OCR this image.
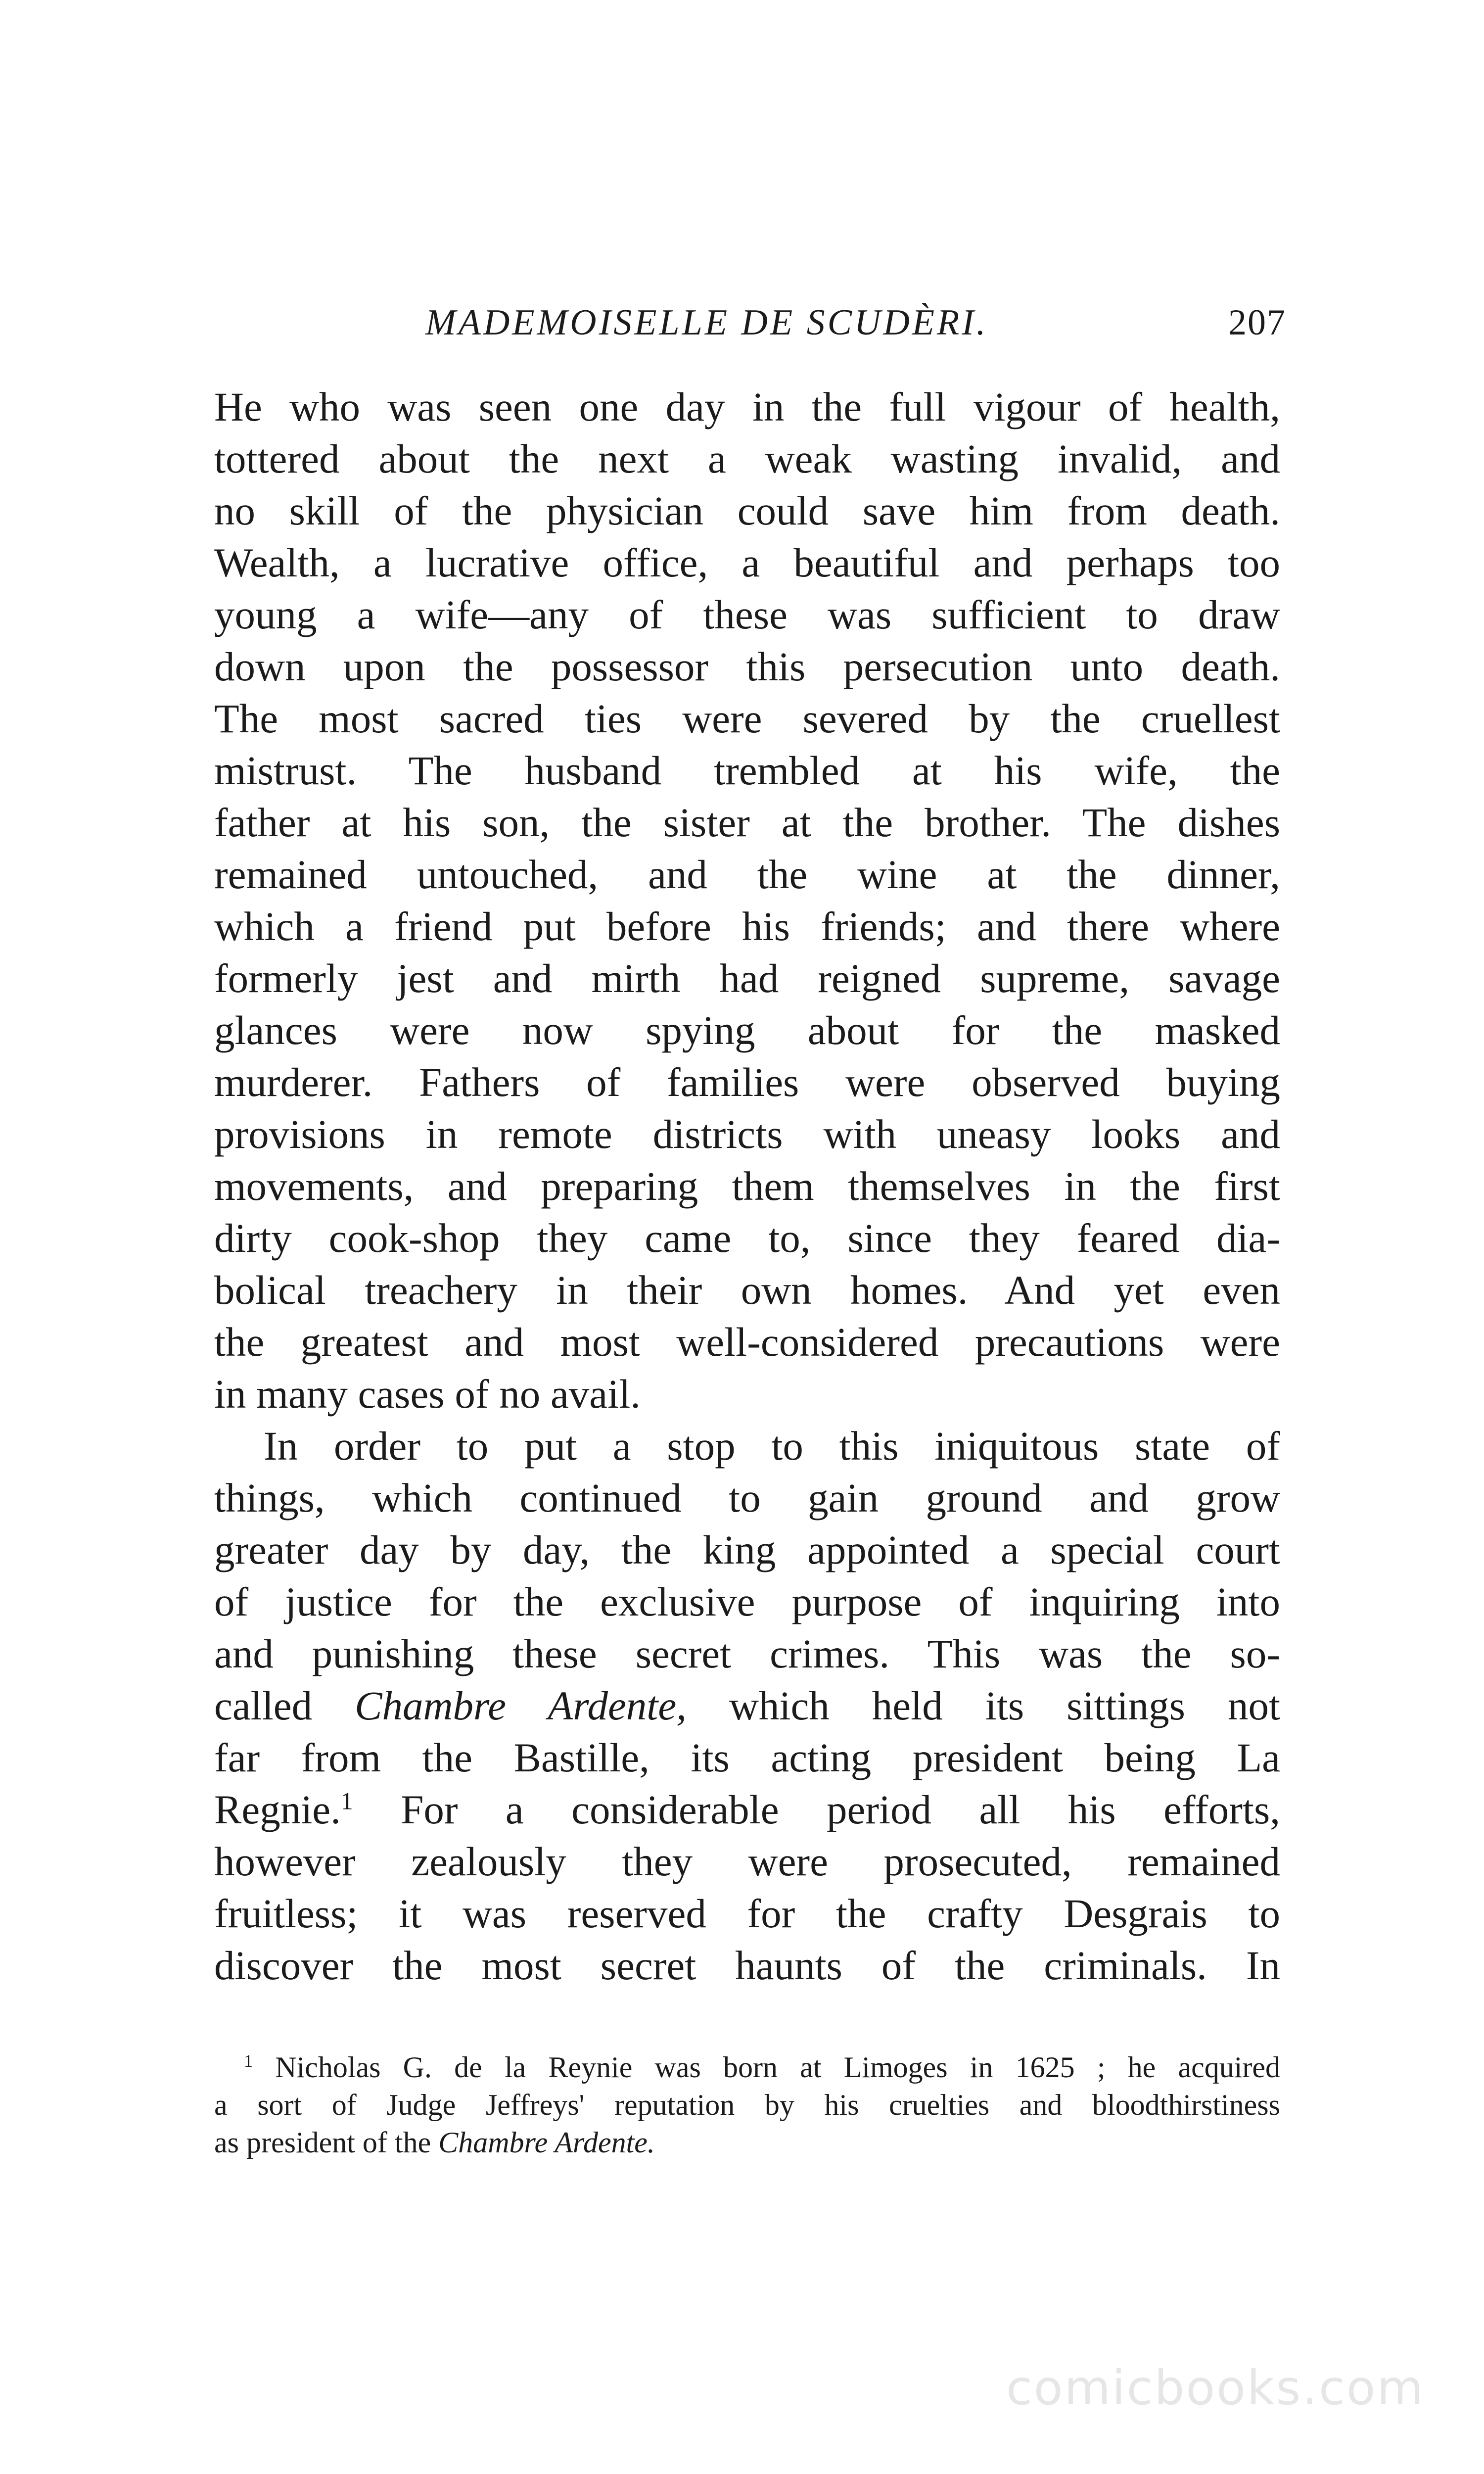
MADEMOISELLE DE SCUDÈRI.	207
He who was seen one day in the full vigour of health,
tottered about the next a weak wasting invalid, and
no skill of the physician could save him from death.
Wealth, a lucrative office, a beautiful and perhaps too
young a wife—any of these was sufficient to draw
down upon the possessor this persecution unto death.
The most sacred ties were severed by the cruellest
mistrust. The husband trembled at his wife, the
father at his son, the sister at the brother. The dishes
remained untouched, and the wine at the dinner,
which a friend put before his friends; and there where
formerly jest and mirth had reigned supreme, savage
glances were now spying about for the masked
murderer. Fathers of families were observed buying
provisions in remote districts with uneasy looks and
movements, and preparing them themselves in the first
dirty cook-shop they came to, since they feared dia-
bolical treachery in their own homes. And yet even
the greatest and most well-considered precautions were
in many cases of no avail.
In order to put a stop to this iniquitous state of
things, which continued to gain ground and grow
greater day by day, the king appointed a special court
of justice for the exclusive purpose of inquiring into
and punishing these secret crimes. This was the so-
called Chambre Ardente, which held its sittings not
far from the Bastille, its acting president being La
Regnie.$^1$ For a considerable period all his efforts,
however zealously they were prosecuted, remained
fruitless; it was reserved for the crafty Desgrais to
discover the most secret haunts of the criminals. In
$^1$ Nicholas G. de la Reynie was born at Limoges in 1625 ; he acquired
a sort of Judge Jeffreys' reputation by his cruelties and bloodthirstiness
as president of the Chambre Ardente.
comicbooks.com
